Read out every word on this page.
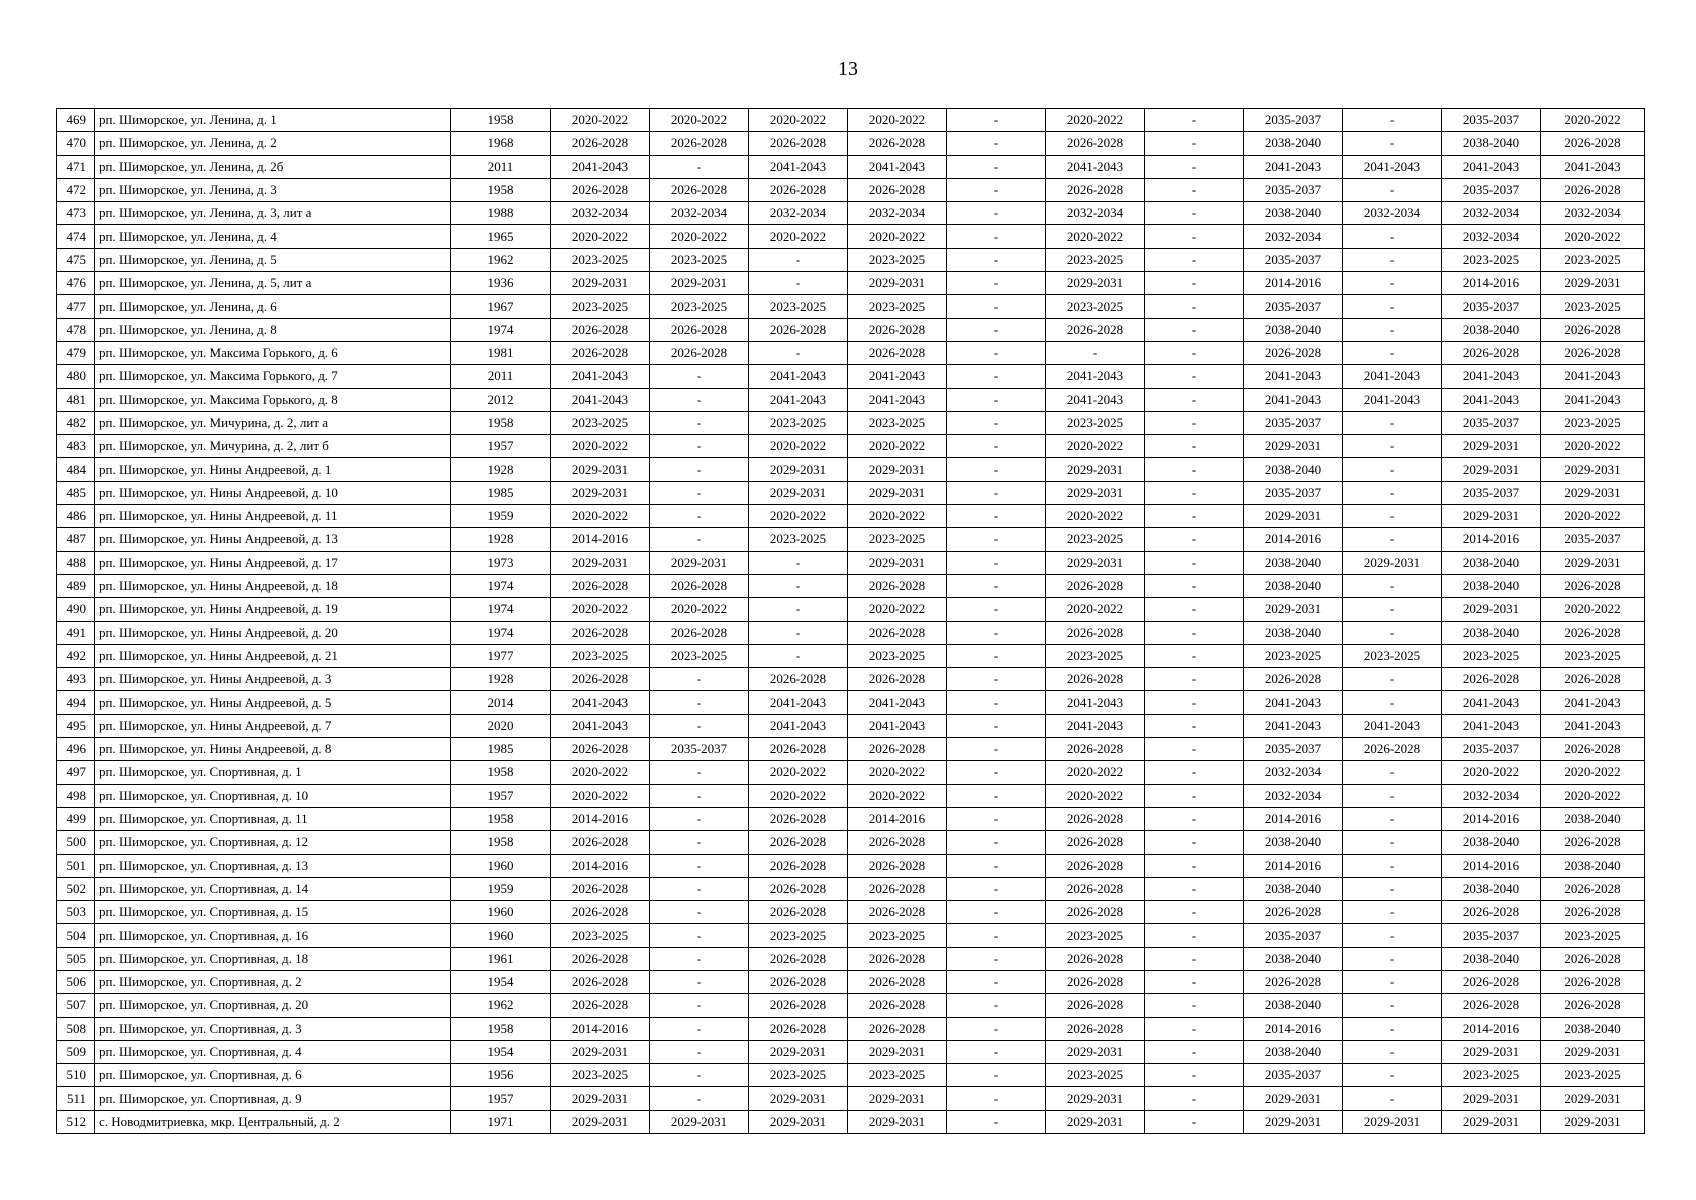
13
469	рп. Шиморское, ул. Ленина, д. 1	1958	2020-2022	2020-2022	2020-2022	2020-2022	-	2020-2022	-	2035-2037	-	2035-2037	2020-2022
470	рп. Шиморское, ул. Ленина, д. 2	1968	2026-2028	2026-2028	2026-2028	2026-2028	-	2026-2028	-	2038-2040	-	2038-2040	2026-2028
471	рп. Шиморское, ул. Ленина, д. 2б	2011	2041-2043	-	2041-2043	2041-2043	-	2041-2043	-	2041-2043	2041-2043	2041-2043	2041-2043
472	рп. Шиморское, ул. Ленина, д. 3	1958	2026-2028	2026-2028	2026-2028	2026-2028	-	2026-2028	-	2035-2037	-	2035-2037	2026-2028
473	рп. Шиморское, ул. Ленина, д. 3, лит а	1988	2032-2034	2032-2034	2032-2034	2032-2034	-	2032-2034	-	2038-2040	2032-2034	2032-2034	2032-2034
474	рп. Шиморское, ул. Ленина, д. 4	1965	2020-2022	2020-2022	2020-2022	2020-2022	-	2020-2022	-	2032-2034	-	2032-2034	2020-2022
475	рп. Шиморское, ул. Ленина, д. 5	1962	2023-2025	2023-2025	-	2023-2025	-	2023-2025	-	2035-2037	-	2023-2025	2023-2025
476	рп. Шиморское, ул. Ленина, д. 5, лит а	1936	2029-2031	2029-2031	-	2029-2031	-	2029-2031	-	2014-2016	-	2014-2016	2029-2031
477	рп. Шиморское, ул. Ленина, д. 6	1967	2023-2025	2023-2025	2023-2025	2023-2025	-	2023-2025	-	2035-2037	-	2035-2037	2023-2025
478	рп. Шиморское, ул. Ленина, д. 8	1974	2026-2028	2026-2028	2026-2028	2026-2028	-	2026-2028	-	2038-2040	-	2038-2040	2026-2028
479	рп. Шиморское, ул. Максима Горького, д. 6	1981	2026-2028	2026-2028	-	2026-2028	-	-	-	2026-2028	-	2026-2028	2026-2028
480	рп. Шиморское, ул. Максима Горького, д. 7	2011	2041-2043	-	2041-2043	2041-2043	-	2041-2043	-	2041-2043	2041-2043	2041-2043	2041-2043
481	рп. Шиморское, ул. Максима Горького, д. 8	2012	2041-2043	-	2041-2043	2041-2043	-	2041-2043	-	2041-2043	2041-2043	2041-2043	2041-2043
482	рп. Шиморское, ул. Мичурина, д. 2, лит а	1958	2023-2025	-	2023-2025	2023-2025	-	2023-2025	-	2035-2037	-	2035-2037	2023-2025
483	рп. Шиморское, ул. Мичурина, д. 2, лит б	1957	2020-2022	-	2020-2022	2020-2022	-	2020-2022	-	2029-2031	-	2029-2031	2020-2022
484	рп. Шиморское, ул. Нины Андреевой, д. 1	1928	2029-2031	-	2029-2031	2029-2031	-	2029-2031	-	2038-2040	-	2029-2031	2029-2031
485	рп. Шиморское, ул. Нины Андреевой, д. 10	1985	2029-2031	-	2029-2031	2029-2031	-	2029-2031	-	2035-2037	-	2035-2037	2029-2031
486	рп. Шиморское, ул. Нины Андреевой, д. 11	1959	2020-2022	-	2020-2022	2020-2022	-	2020-2022	-	2029-2031	-	2029-2031	2020-2022
487	рп. Шиморское, ул. Нины Андреевой, д. 13	1928	2014-2016	-	2023-2025	2023-2025	-	2023-2025	-	2014-2016	-	2014-2016	2035-2037
488	рп. Шиморское, ул. Нины Андреевой, д. 17	1973	2029-2031	2029-2031	-	2029-2031	-	2029-2031	-	2038-2040	2029-2031	2038-2040	2029-2031
489	рп. Шиморское, ул. Нины Андреевой, д. 18	1974	2026-2028	2026-2028	-	2026-2028	-	2026-2028	-	2038-2040	-	2038-2040	2026-2028
490	рп. Шиморское, ул. Нины Андреевой, д. 19	1974	2020-2022	2020-2022	-	2020-2022	-	2020-2022	-	2029-2031	-	2029-2031	2020-2022
491	рп. Шиморское, ул. Нины Андреевой, д. 20	1974	2026-2028	2026-2028	-	2026-2028	-	2026-2028	-	2038-2040	-	2038-2040	2026-2028
492	рп. Шиморское, ул. Нины Андреевой, д. 21	1977	2023-2025	2023-2025	-	2023-2025	-	2023-2025	-	2023-2025	2023-2025	2023-2025	2023-2025
493	рп. Шиморское, ул. Нины Андреевой, д. 3	1928	2026-2028	-	2026-2028	2026-2028	-	2026-2028	-	2026-2028	-	2026-2028	2026-2028
494	рп. Шиморское, ул. Нины Андреевой, д. 5	2014	2041-2043	-	2041-2043	2041-2043	-	2041-2043	-	2041-2043	-	2041-2043	2041-2043
495	рп. Шиморское, ул. Нины Андреевой, д. 7	2020	2041-2043	-	2041-2043	2041-2043	-	2041-2043	-	2041-2043	2041-2043	2041-2043	2041-2043
496	рп. Шиморское, ул. Нины Андреевой, д. 8	1985	2026-2028	2035-2037	2026-2028	2026-2028	-	2026-2028	-	2035-2037	2026-2028	2035-2037	2026-2028
497	рп. Шиморское, ул. Спортивная, д. 1	1958	2020-2022	-	2020-2022	2020-2022	-	2020-2022	-	2032-2034	-	2020-2022	2020-2022
498	рп. Шиморское, ул. Спортивная, д. 10	1957	2020-2022	-	2020-2022	2020-2022	-	2020-2022	-	2032-2034	-	2032-2034	2020-2022
499	рп. Шиморское, ул. Спортивная, д. 11	1958	2014-2016	-	2026-2028	2014-2016	-	2026-2028	-	2014-2016	-	2014-2016	2038-2040
500	рп. Шиморское, ул. Спортивная, д. 12	1958	2026-2028	-	2026-2028	2026-2028	-	2026-2028	-	2038-2040	-	2038-2040	2026-2028
501	рп. Шиморское, ул. Спортивная, д. 13	1960	2014-2016	-	2026-2028	2026-2028	-	2026-2028	-	2014-2016	-	2014-2016	2038-2040
502	рп. Шиморское, ул. Спортивная, д. 14	1959	2026-2028	-	2026-2028	2026-2028	-	2026-2028	-	2038-2040	-	2038-2040	2026-2028
503	рп. Шиморское, ул. Спортивная, д. 15	1960	2026-2028	-	2026-2028	2026-2028	-	2026-2028	-	2026-2028	-	2026-2028	2026-2028
504	рп. Шиморское, ул. Спортивная, д. 16	1960	2023-2025	-	2023-2025	2023-2025	-	2023-2025	-	2035-2037	-	2035-2037	2023-2025
505	рп. Шиморское, ул. Спортивная, д. 18	1961	2026-2028	-	2026-2028	2026-2028	-	2026-2028	-	2038-2040	-	2038-2040	2026-2028
506	рп. Шиморское, ул. Спортивная, д. 2	1954	2026-2028	-	2026-2028	2026-2028	-	2026-2028	-	2026-2028	-	2026-2028	2026-2028
507	рп. Шиморское, ул. Спортивная, д. 20	1962	2026-2028	-	2026-2028	2026-2028	-	2026-2028	-	2038-2040	-	2026-2028	2026-2028
508	рп. Шиморское, ул. Спортивная, д. 3	1958	2014-2016	-	2026-2028	2026-2028	-	2026-2028	-	2014-2016	-	2014-2016	2038-2040
509	рп. Шиморское, ул. Спортивная, д. 4	1954	2029-2031	-	2029-2031	2029-2031	-	2029-2031	-	2038-2040	-	2029-2031	2029-2031
510	рп. Шиморское, ул. Спортивная, д. 6	1956	2023-2025	-	2023-2025	2023-2025	-	2023-2025	-	2035-2037	-	2023-2025	2023-2025
511	рп. Шиморское, ул. Спортивная, д. 9	1957	2029-2031	-	2029-2031	2029-2031	-	2029-2031	-	2029-2031	-	2029-2031	2029-2031
512	с. Новодмитриевка, мкр. Центральный, д. 2	1971	2029-2031	2029-2031	2029-2031	2029-2031	-	2029-2031	-	2029-2031	2029-2031	2029-2031	2029-2031
